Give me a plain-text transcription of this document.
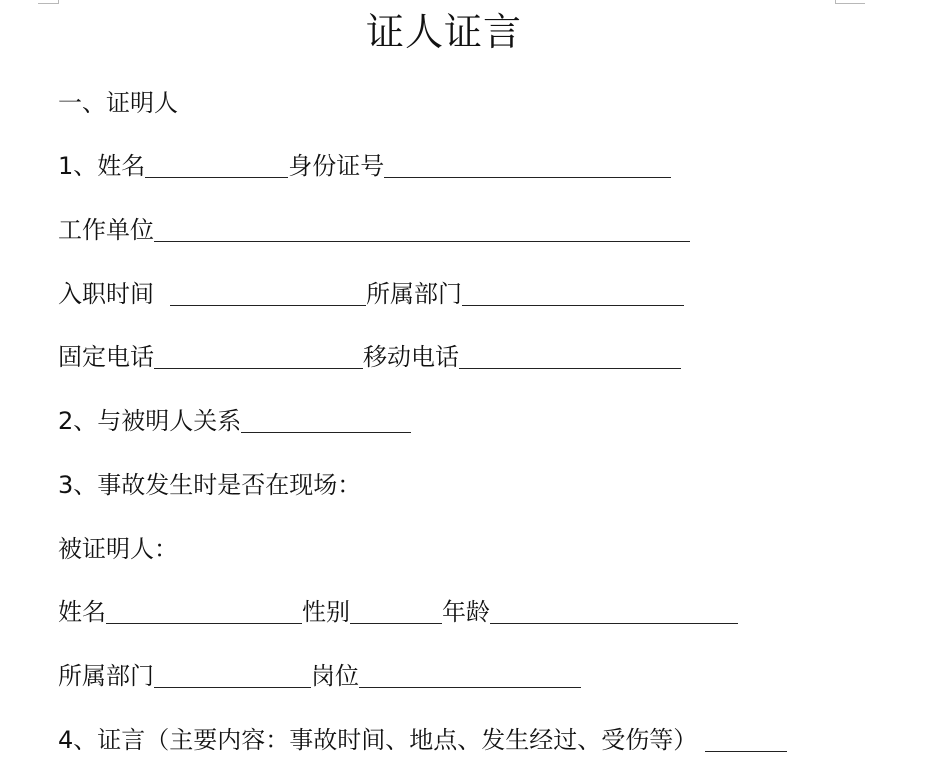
证人证言
一、证明人
1、姓名	身份证号
工作单位
入职时间	所属部门
固定电话	移动电话
2、与被明人关系
3、事故发生时是否在现场：
被证明人：
姓名	性别	年龄
所属部门	岗位
4、证言（主要内容：事故时间、地点、发生经过、受伤等）
